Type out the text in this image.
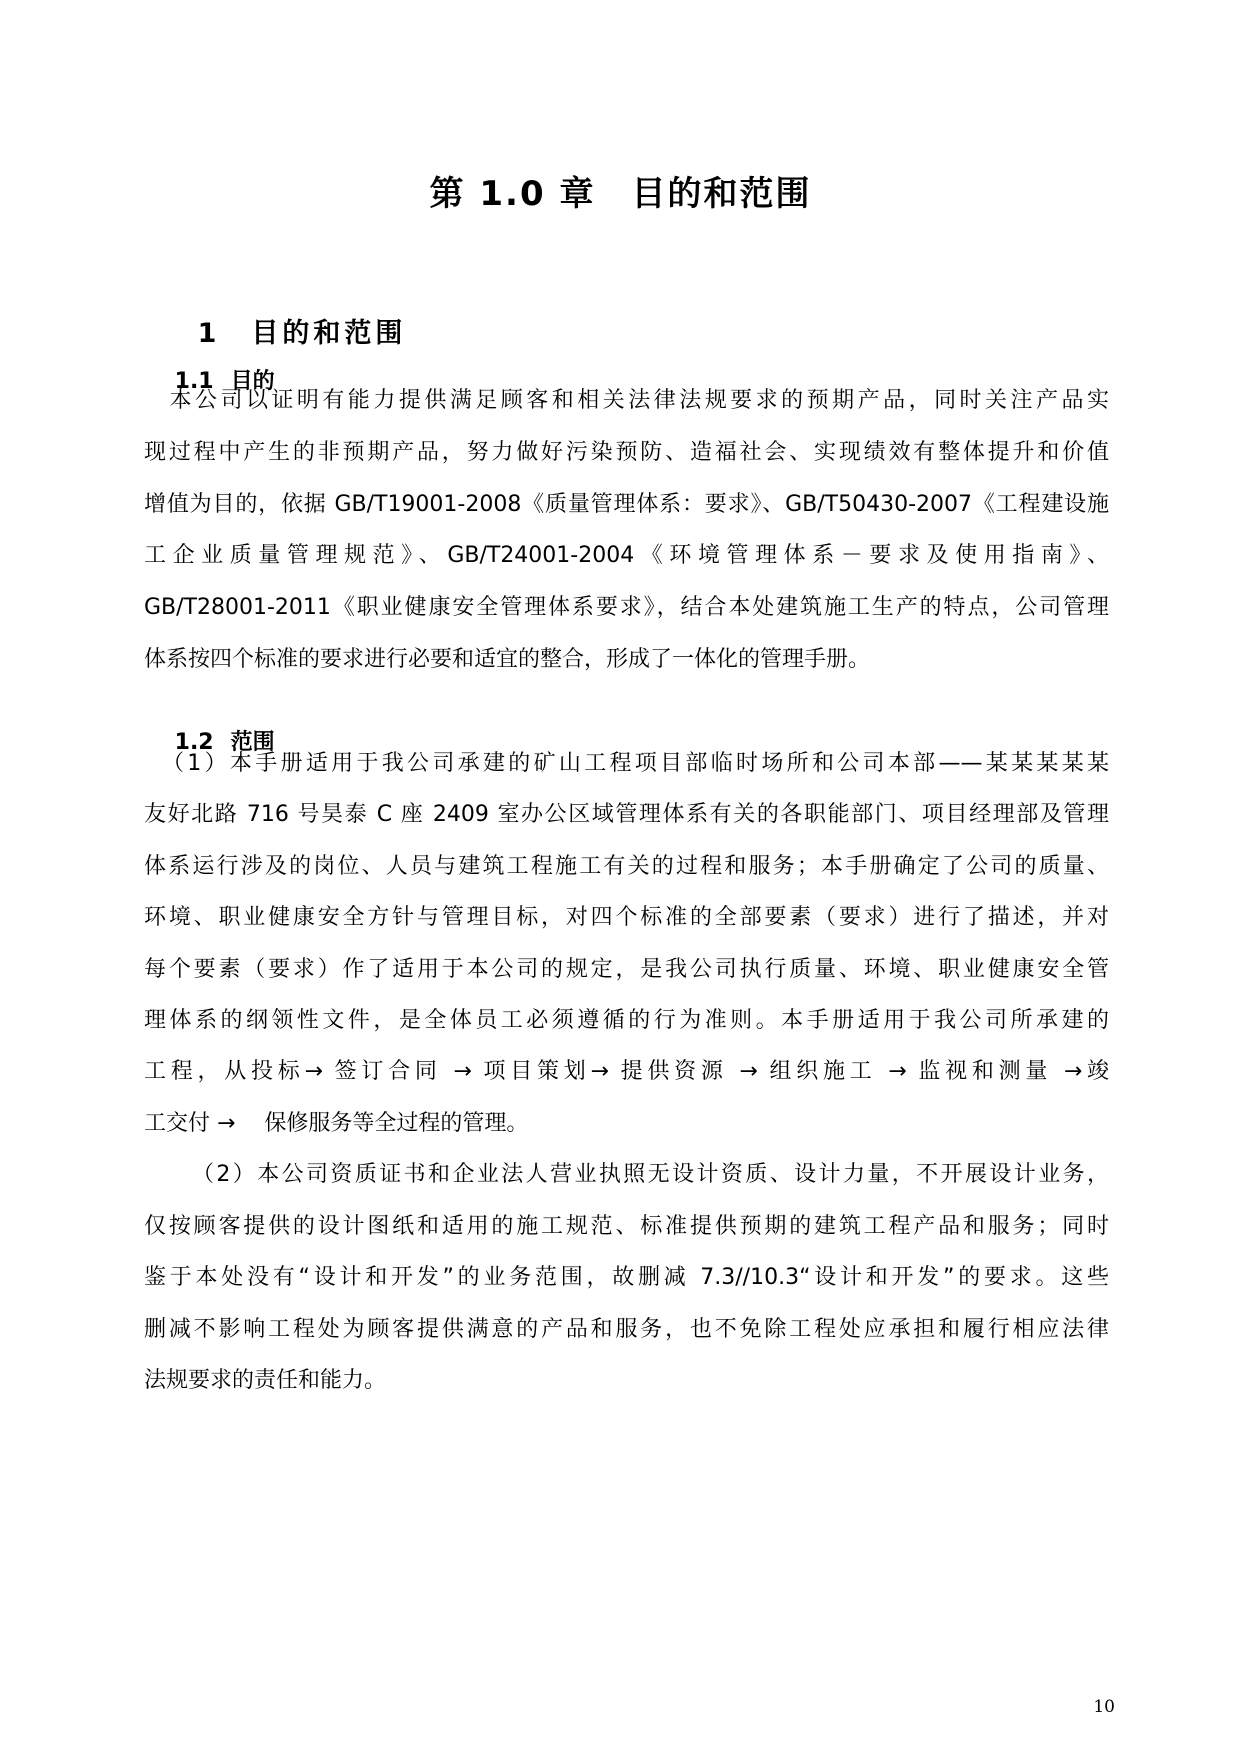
第 1.0 章　目的和范围

1　 目的和范围

1.1 目的

　本公司以证明有能力提供满足顾客和相关法律法规要求的预期产品，同时关注产品实
现过程中产生的非预期产品，努力做好污染预防、造福社会、实现绩效有整体提升和价值
增值为目的，依据 GB/T19001-2008《质量管理体系：要求》、GB/T50430-2007《工程建设施
工企业质量管理规范》、GB/T24001-2004《环境管理体系－要求及使用指南》、
GB/T28001-2011《职业健康安全管理体系要求》，结合本处建筑施工生产的特点，公司管理
体系按四个标准的要求进行必要和适宜的整合，形成了一体化的管理手册。

1.2 范围

（1）本手册适用于我公司承建的矿山工程项目部临时场所和公司本部——某某某某某
友好北路 716 号昊泰 C 座 2409 室办公区域管理体系有关的各职能部门、项目经理部及管理
体系运行涉及的岗位、人员与建筑工程施工有关的过程和服务；本手册确定了公司的质量、
环境、职业健康安全方针与管理目标，对四个标准的全部要素（要求）进行了描述，并对
每个要素（要求）作了适用于本公司的规定，是我公司执行质量、环境、职业健康安全管
理体系的纲领性文件，是全体员工必须遵循的行为准则。本手册适用于我公司所承建的
工程，从投标→ 签订合同 → 项目策划→ 提供资源 → 组织施工 → 监视和测量 →竣
工交付 →　 保修服务等全过程的管理。
（2）本公司资质证书和企业法人营业执照无设计资质、设计力量，不开展设计业务，
仅按顾客提供的设计图纸和适用的施工规范、标准提供预期的建筑工程产品和服务；同时
鉴于本处没有“设计和开发”的业务范围，故删减 7.3//10.3“设计和开发”的要求。这些
删减不影响工程处为顾客提供满意的产品和服务，也不免除工程处应承担和履行相应法律
法规要求的责任和能力。
10
